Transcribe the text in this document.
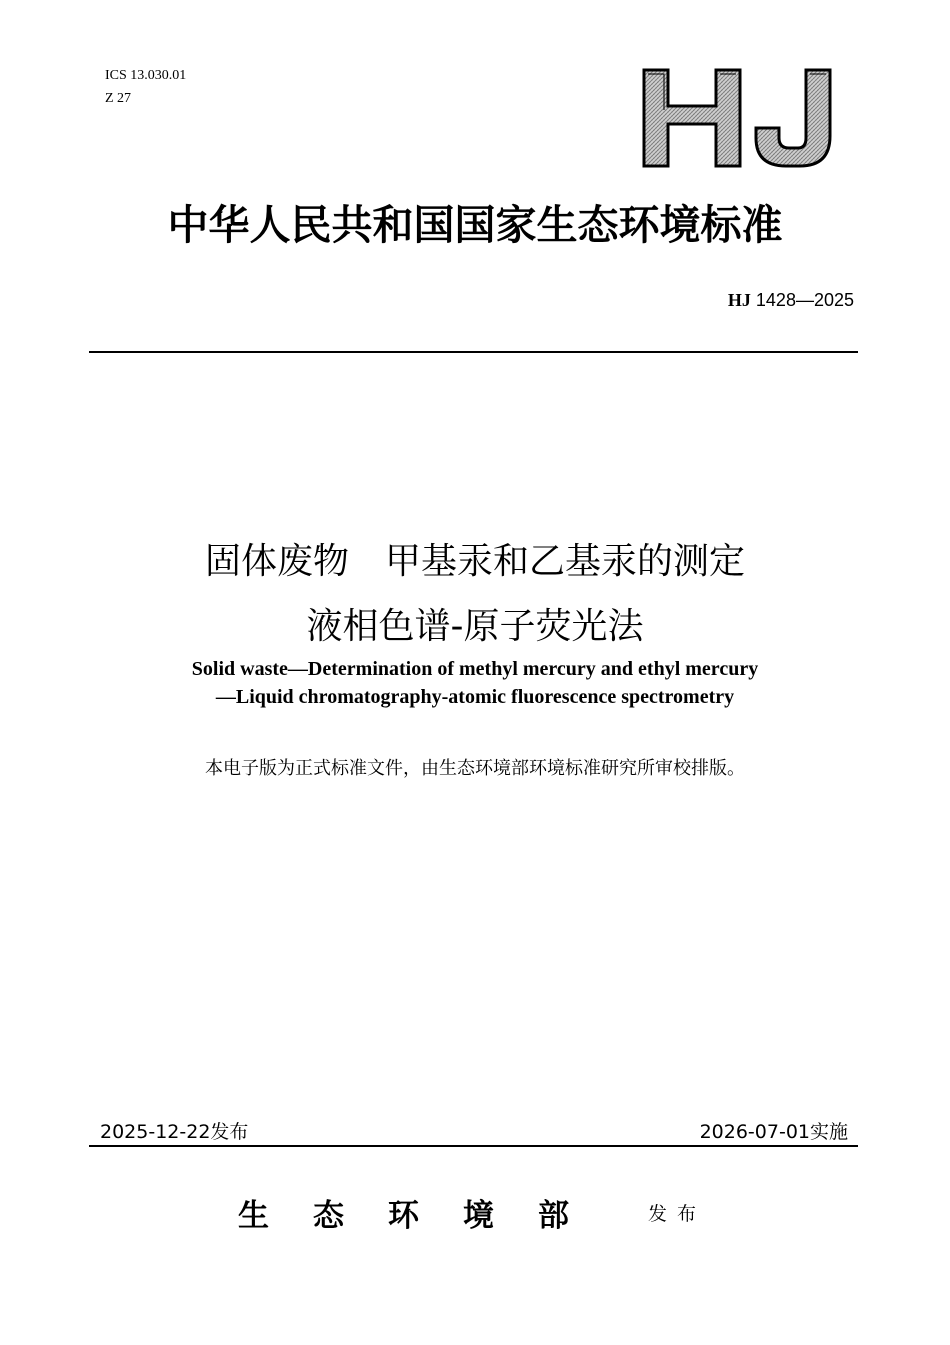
ICS 13.030.01
Z 27
中华人民共和国国家生态环境标准
HJ 1428—2025
固体废物　甲基汞和乙基汞的测定
液相色谱-原子荧光法
Solid waste—Determination of methyl mercury and ethyl mercury
—Liquid chromatography-atomic fluorescence spectrometry
本电子版为正式标准文件，由生态环境部环境标准研究所审校排版。
2025-12-22发布	2026-07-01实施
生态环境部 发布
